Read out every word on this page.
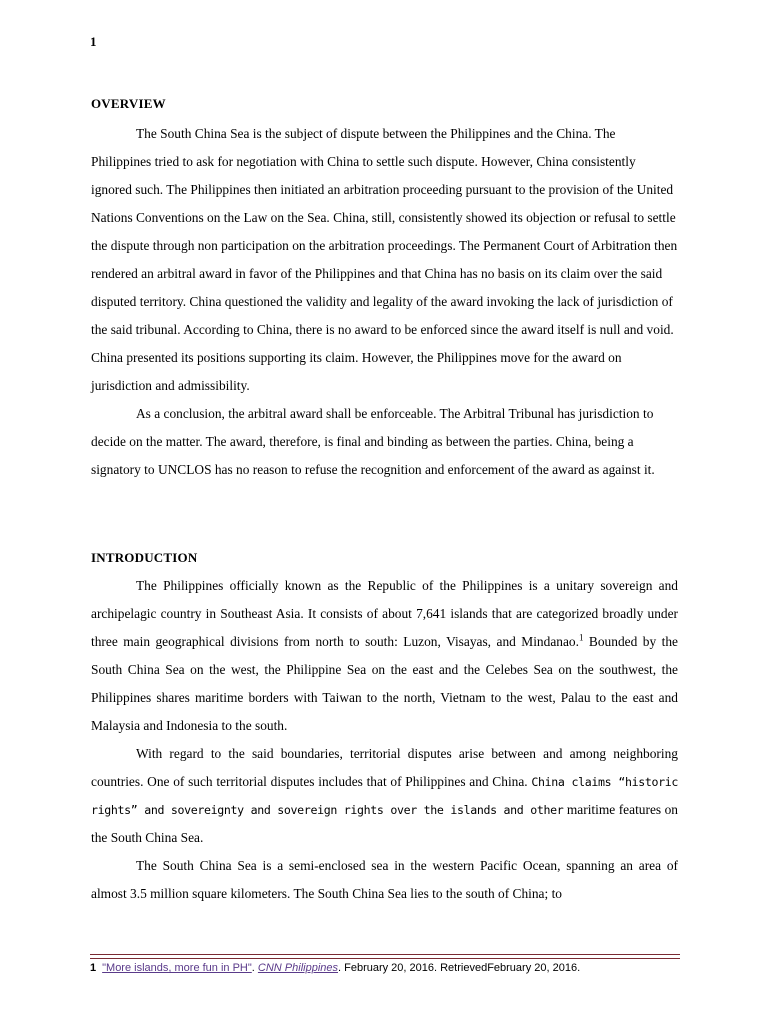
1
OVERVIEW

The South China Sea is the subject of dispute between the Philippines and the China. The Philippines tried to ask for negotiation with China to settle such dispute. However, China consistently ignored such. The Philippines then initiated an arbitration proceeding pursuant to the provision of the United Nations Conventions on the Law on the Sea. China, still, consistently showed its objection or refusal to settle the dispute through non participation on the arbitration proceedings. The Permanent Court of Arbitration then rendered an arbitral award in favor of the Philippines and that China has no basis on its claim over the said disputed territory. China questioned the validity and legality of the award invoking the lack of jurisdiction of the said tribunal. According to China, there is no award to be enforced since the award itself is null and void. China presented its positions supporting its claim. However, the Philippines move for the award on jurisdiction and admissibility.

As a conclusion, the arbitral award shall be enforceable. The Arbitral Tribunal has jurisdiction to decide on the matter. The award, therefore, is final and binding as between the parties. China, being a signatory to UNCLOS has no reason to refuse the recognition and enforcement of the award as against it.

INTRODUCTION

The Philippines officially known as the Republic of the Philippines is a unitary sovereign and archipelagic country in Southeast Asia. It consists of about 7,641 islands that are categorized broadly under three main geographical divisions from north to south: Luzon, Visayas, and Mindanao.$^1$ Bounded by the South China Sea on the west, the Philippine Sea on the east and the Celebes Sea on the southwest, the Philippines shares maritime borders with Taiwan to the north, Vietnam to the west, Palau to the east and Malaysia and Indonesia to the south.

With regard to the said boundaries, territorial disputes arise between and among neighboring countries. One of such territorial disputes includes that of Philippines and China. China claims “historic rights” and sovereignty and sovereign rights over the islands and other maritime features on the South China Sea.

The South China Sea is a semi-enclosed sea in the western Pacific Ocean, spanning an area of almost 3.5 million square kilometers. The South China Sea lies to the south of China; to

1 "More islands, more fun in PH". CNN Philippines. February 20, 2016. RetrievedFebruary 20, 2016.
